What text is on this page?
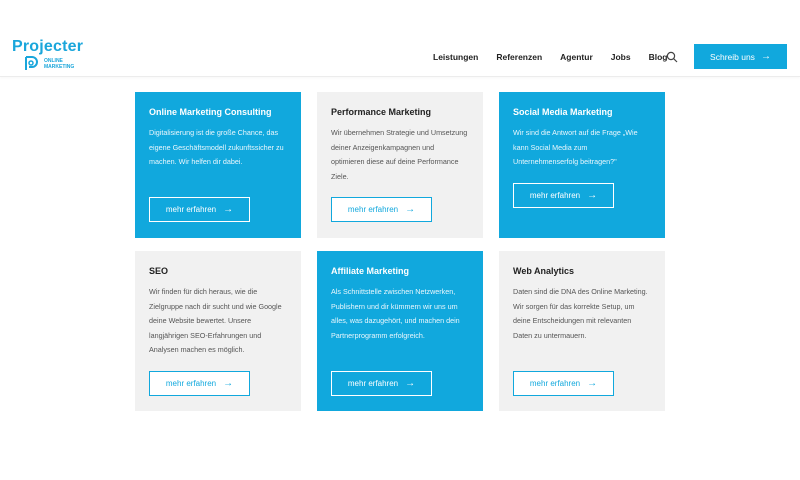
Projecter
ONLINE
MARKETING
Leistungen Referenzen Agentur Jobs Blog	Schreib uns →
Online Marketing Consulting
Digitalisierung ist die große Chance, das eigene Geschäftsmodell zukunftssicher zu machen. Wir helfen dir dabei.
mehr erfahren →
Performance Marketing
Wir übernehmen Strategie und Umsetzung deiner Anzeigenkampagnen und optimieren diese auf deine Performance Ziele.
mehr erfahren →
Social Media Marketing
Wir sind die Antwort auf die Frage „Wie kann Social Media zum Unternehmenserfolg beitragen?"
mehr erfahren →
SEO
Wir finden für dich heraus, wie die Zielgruppe nach dir sucht und wie Google deine Website bewertet. Unsere langjährigen SEO-Erfahrungen und Analysen machen es möglich.
mehr erfahren →
Affiliate Marketing
Als Schnittstelle zwischen Netzwerken, Publishern und dir kümmern wir uns um alles, was dazugehört, und machen dein Partnerprogramm erfolgreich.
mehr erfahren →
Web Analytics
Daten sind die DNA des Online Marketing. Wir sorgen für das korrekte Setup, um deine Entscheidungen mit relevanten Daten zu untermauern.
mehr erfahren →
